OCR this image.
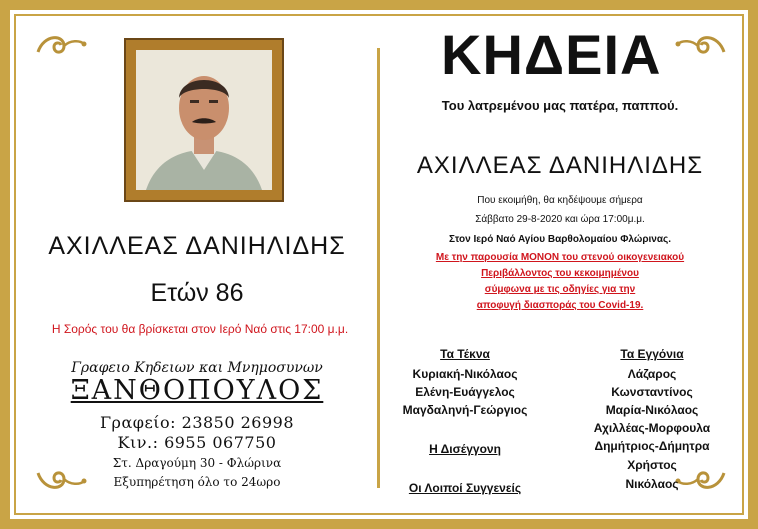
ΑΧΙΛΛΕΑΣ ΔΑΝΙΗΛΙΔΗΣ
Ετών 86
Η Σορός του θα βρίσκεται στον Ιερό Ναό στις 17:00 μ.μ.
Γραφειο Κηδειων και Μνημοσυνων
ΞΑΝΘΟΠΟΥΛΟΣ
Γραφείο: 23850 26998
Κιν.: 6955 067750
Στ. Δραγούμη 30 - Φλώρινα
Εξυπηρέτηση όλο το 24ωρο
ΚΗΔΕΙΑ
Του λατρεμένου μας πατέρα, παππού.
ΑΧΙΛΛΕΑΣ ΔΑΝΙΗΛΙΔΗΣ
Που εκοιμήθη, θα κηδέψουμε σήμερα
Σάββατο 29-8-2020 και ώρα 17:00μ.μ.
Στον Ιερό Ναό Αγίου Βαρθολομαίου Φλώρινας.
Με την παρουσία ΜΟΝΟΝ του στενού οικογενειακού
Περιβάλλοντος του κεκοιμημένου
σύμφωνα με τις οδηγίες για την
αποφυγή διασποράς του Covid-19.
Τα Τέκνα
Κυριακή-Νικόλαος
Ελένη-Ευάγγελος
Μαγδαληνή-Γεώργιος
Η Δισέγγονη
Οι Λοιποί Συγγενείς
Τα Εγγόνια
Λάζαρος
Κωνσταντίνος
Μαρία-Νικόλαος
Αχιλλέας-Μορφουλα
Δημήτριος-Δήμητρα
Χρήστος
Νικόλαος
